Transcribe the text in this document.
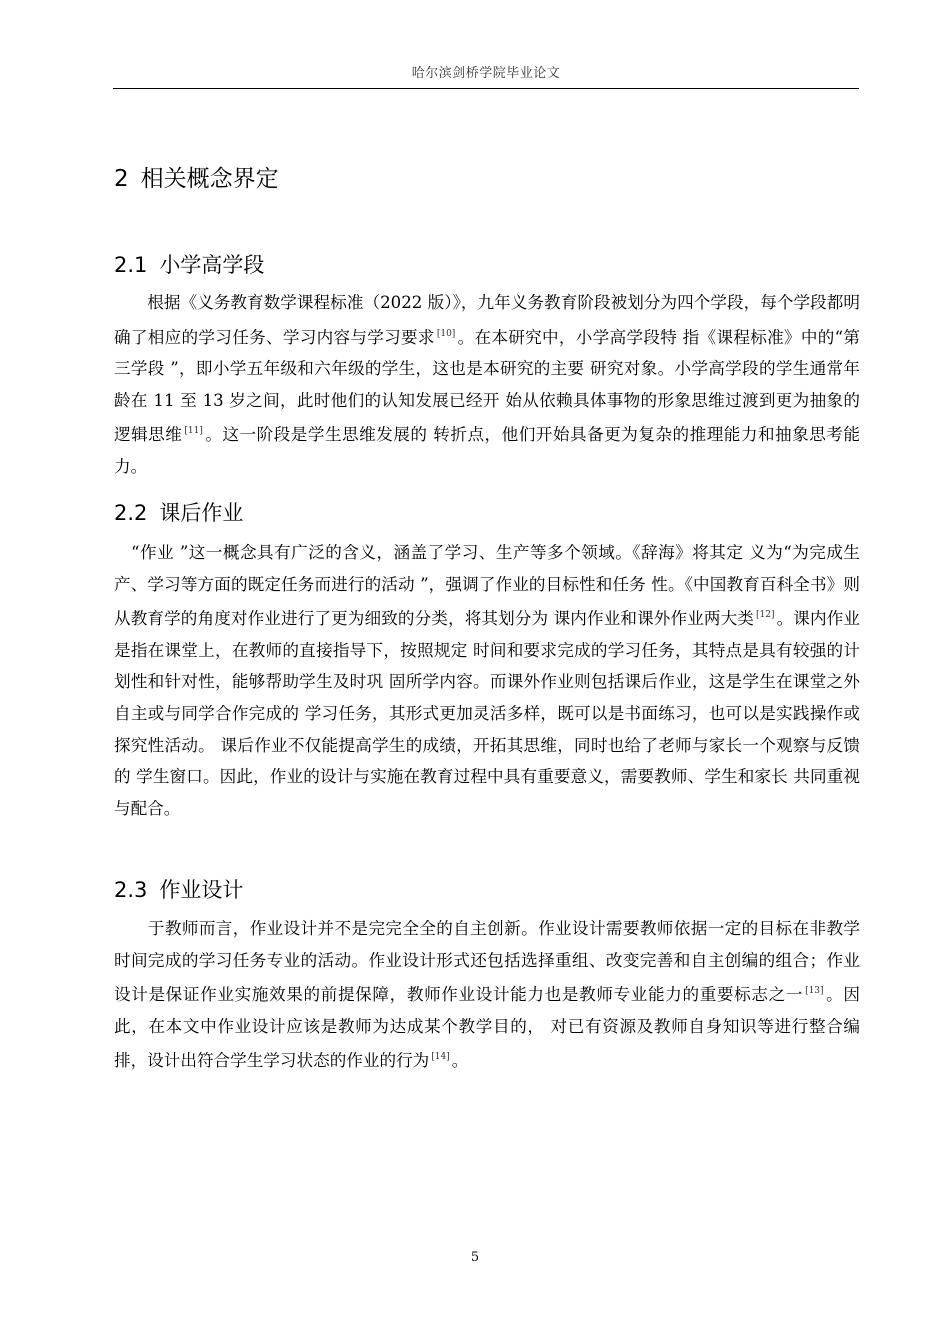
哈尔滨剑桥学院毕业论文
2 相关概念界定
2.1 小学高学段

　　根据《义务教育数学课程标准（2022 版）》，九年义务教育阶段被划分为四个学段，每个学段都明确了相应的学习任务、学习内容与学习要求 [10] 。在本研究中，小学高学段特 指《课程标准》中的“第三学段 ”，即小学五年级和六年级的学生，这也是本研究的主要 研究对象。小学高学段的学生通常年龄在 11 至 13 岁之间，此时他们的认知发展已经开 始从依赖具体事物的形象思维过渡到更为抽象的逻辑思维 [11] 。这一阶段是学生思维发展的 转折点，他们开始具备更为复杂的推理能力和抽象思考能力。

2.2 课后作业

　“作业 ”这一概念具有广泛的含义，涵盖了学习、生产等多个领域。《辞海》将其定 义为“为完成生产、学习等方面的既定任务而进行的活动 ”，强调了作业的目标性和任务 性。《中国教育百科全书》则从教育学的角度对作业进行了更为细致的分类，将其划分为 课内作业和课外作业两大类 [12] 。课内作业是指在课堂上，在教师的直接指导下，按照规定 时间和要求完成的学习任务，其特点是具有较强的计划性和针对性，能够帮助学生及时巩 固所学内容。而课外作业则包括课后作业，这是学生在课堂之外自主或与同学合作完成的 学习任务，其形式更加灵活多样，既可以是书面练习，也可以是实践操作或探究性活动。 课后作业不仅能提高学生的成绩，开拓其思维，同时也给了老师与家长一个观察与反馈的 学生窗口。因此，作业的设计与实施在教育过程中具有重要意义，需要教师、学生和家长 共同重视与配合。

2.3 作业设计

　　于教师而言，作业设计并不是完完全全的自主创新。作业设计需要教师依据一定的目标在非教学时间完成的学习任务专业的活动。作业设计形式还包括选择重组、改变完善和自主创编的组合；作业设计是保证作业实施效果的前提保障，教师作业设计能力也是教师专业能力的重要标志之一 [13] 。因此，在本文中作业设计应该是教师为达成某个教学目的， 对已有资源及教师自身知识等进行整合编排，设计出符合学生学习状态的作业的行为 [14] 。

5
